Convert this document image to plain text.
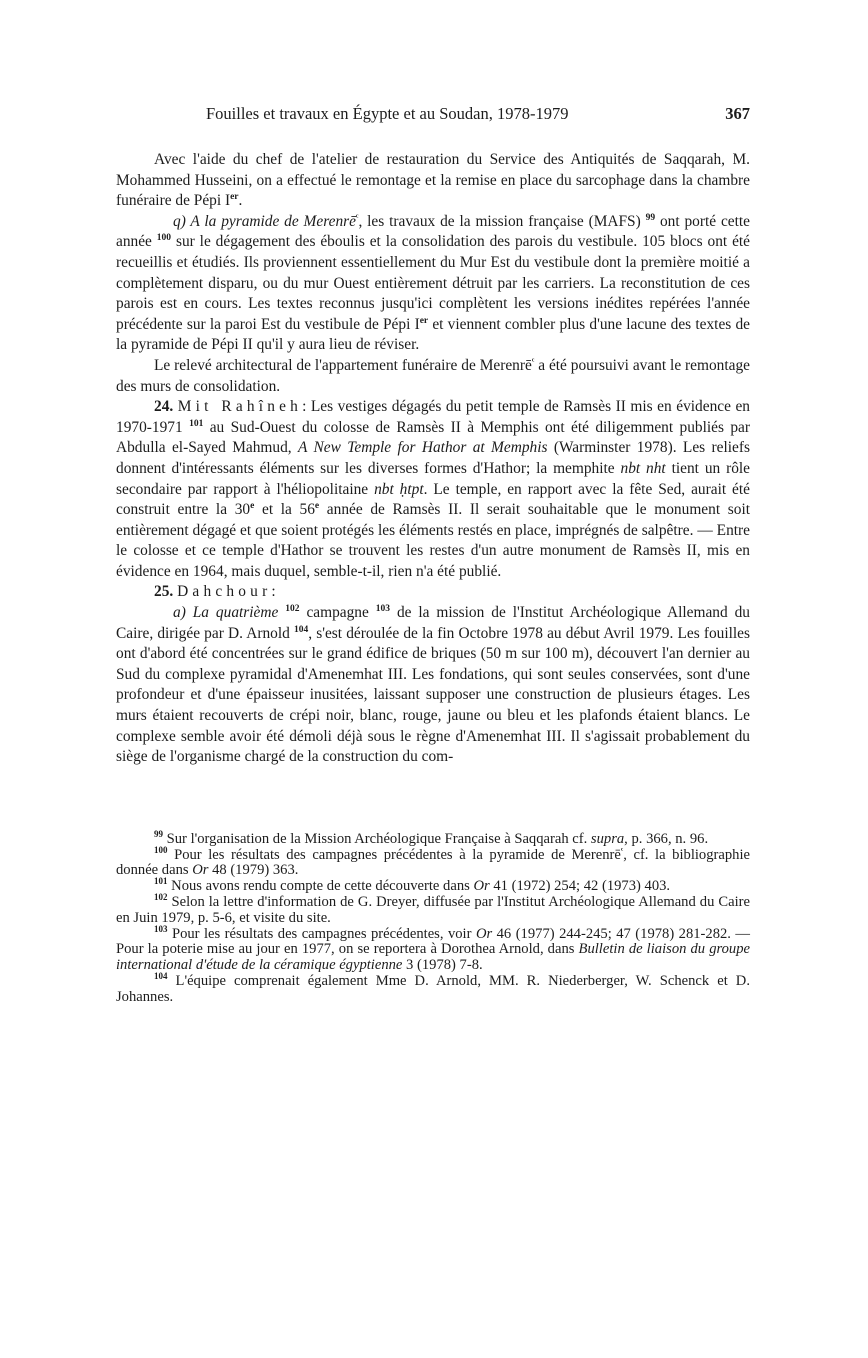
Fouilles et travaux en Égypte et au Soudan, 1978-1979	367

Avec l'aide du chef de l'atelier de restauration du Service des Antiquités de Saqqarah, M. Mohammed Husseini, on a effectué le remontage et la remise en place du sarcophage dans la chambre funéraire de Pépi Ier.

q) A la pyramide de Merenrē$^ᶜ$, les travaux de la mission française (MAFS) $^{99}$ ont porté cette année $^{100}$ sur le dégagement des éboulis et la consolidation des parois du vestibule. 105 blocs ont été recueillis et étudiés. Ils proviennent essentiellement du Mur Est du vestibule dont la première moitié a complètement disparu, ou du mur Ouest entièrement détruit par les carriers. La reconstitution de ces parois est en cours. Les textes reconnus jusqu'ici complètent les versions inédites repérées l'année précédente sur la paroi Est du vestibule de Pépi Ier et viennent combler plus d'une lacune des textes de la pyramide de Pépi II qu'il y aura lieu de réviser.

Le relevé architectural de l'appartement funéraire de Merenrē$^ᶜ$ a été poursuivi avant le remontage des murs de consolidation.

24. Mit Rahîneh: Les vestiges dégagés du petit temple de Ramsès II mis en évidence en 1970-1971 $^{101}$ au Sud-Ouest du colosse de Ramsès II à Memphis ont été diligemment publiés par Abdulla el-Sayed Mahmud, A New Temple for Hathor at Memphis (Warminster 1978). Les reliefs donnent d'intéressants éléments sur les diverses formes d'Hathor; la memphite nbt nht tient un rôle secondaire par rapport à l'héliopolitaine nbt ḥtpt. Le temple, en rapport avec la fête Sed, aurait été construit entre la 30e et la 56e année de Ramsès II. Il serait souhaitable que le monument soit entièrement dégagé et que soient protégés les éléments restés en place, imprégnés de salpêtre. — Entre le colosse et ce temple d'Hathor se trouvent les restes d'un autre monument de Ramsès II, mis en évidence en 1964, mais duquel, semble-t-il, rien n'a été publié.

25. Dahchour:

a) La quatrième $^{102}$ campagne $^{103}$ de la mission de l'Institut Archéologique Allemand du Caire, dirigée par D. Arnold $^{104}$, s'est déroulée de la fin Octobre 1978 au début Avril 1979. Les fouilles ont d'abord été concentrées sur le grand édifice de briques (50 m sur 100 m), découvert l'an dernier au Sud du complexe pyramidal d'Amenemhat III. Les fondations, qui sont seules conservées, sont d'une profondeur et d'une épaisseur inusitées, laissant supposer une construction de plusieurs étages. Les murs étaient recouverts de crépi noir, blanc, rouge, jaune ou bleu et les plafonds étaient blancs. Le complexe semble avoir été démoli déjà sous le règne d'Amenemhat III. Il s'agissait probablement du siège de l'organisme chargé de la construction du com-

$^{99}$ Sur l'organisation de la Mission Archéologique Française à Saqqarah cf. supra, p. 366, n. 96.

$^{100}$ Pour les résultats des campagnes précédentes à la pyramide de Merenrē$^ᶜ$, cf. la bibliographie donnée dans Or 48 (1979) 363.

$^{101}$ Nous avons rendu compte de cette découverte dans Or 41 (1972) 254; 42 (1973) 403.

$^{102}$ Selon la lettre d'information de G. Dreyer, diffusée par l'Institut Archéologique Allemand du Caire en Juin 1979, p. 5-6, et visite du site.

$^{103}$ Pour les résultats des campagnes précédentes, voir Or 46 (1977) 244-245; 47 (1978) 281-282. — Pour la poterie mise au jour en 1977, on se reportera à Dorothea Arnold, dans Bulletin de liaison du groupe international d'étude de la céramique égyptienne 3 (1978) 7-8.

$^{104}$ L'équipe comprenait également Mme D. Arnold, MM. R. Niederberger, W. Schenck et D. Johannes.
